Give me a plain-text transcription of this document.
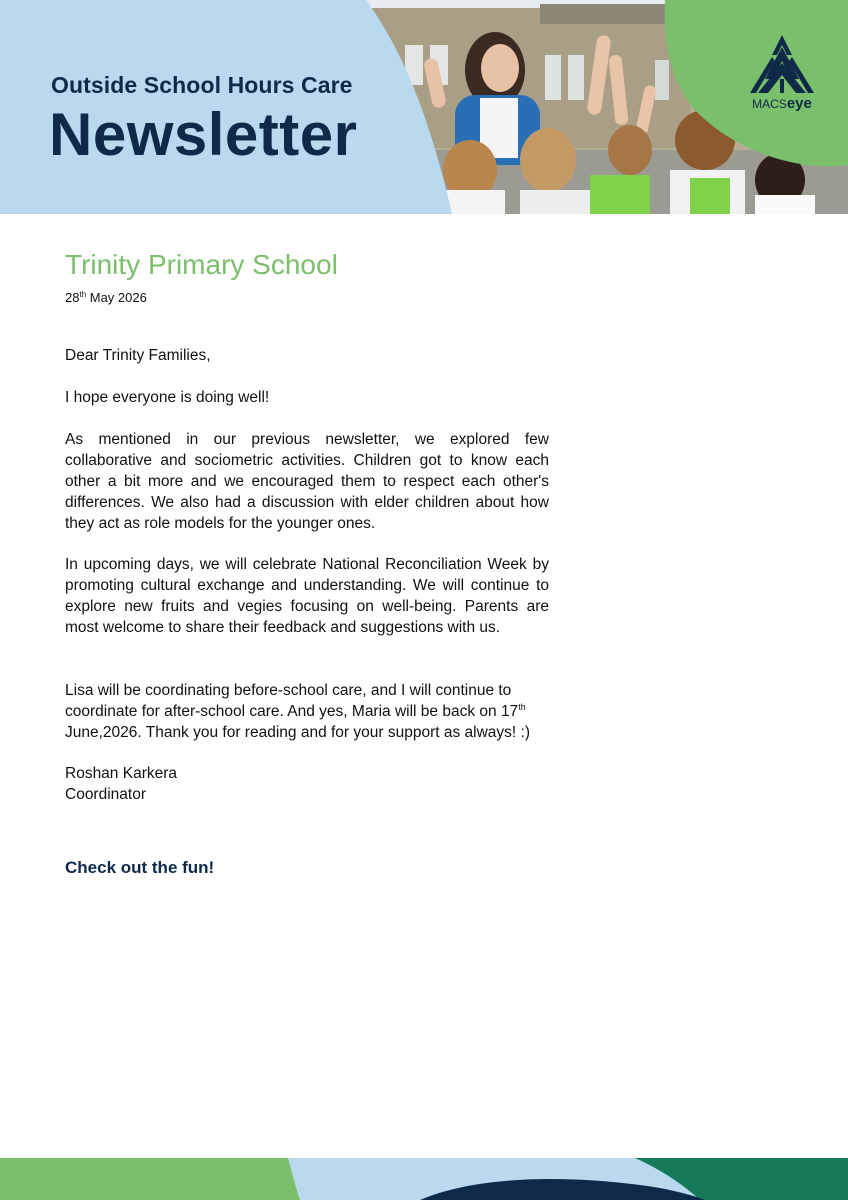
Outside School Hours Care
Newsletter	MACSeye
Trinity Primary School
28th May 2026

Dear Trinity Families,

I hope everyone is doing well!

As mentioned in our previous newsletter, we explored few collaborative and sociometric activities. Children got to know each other a bit more and we encouraged them to respect each other's differences. We also had a discussion with elder children about how they act as role models for the younger ones.

In upcoming days, we will celebrate National Reconciliation Week by promoting cultural exchange and understanding. We will continue to explore new fruits and vegies focusing on well-being. Parents are most welcome to share their feedback and suggestions with us.

Lisa will be coordinating before-school care, and I will continue to coordinate for after-school care. And yes, Maria will be back on 17th June,2026. Thank you for reading and for your support as always! :)

Roshan Karkera

Coordinator

Check out the fun!
